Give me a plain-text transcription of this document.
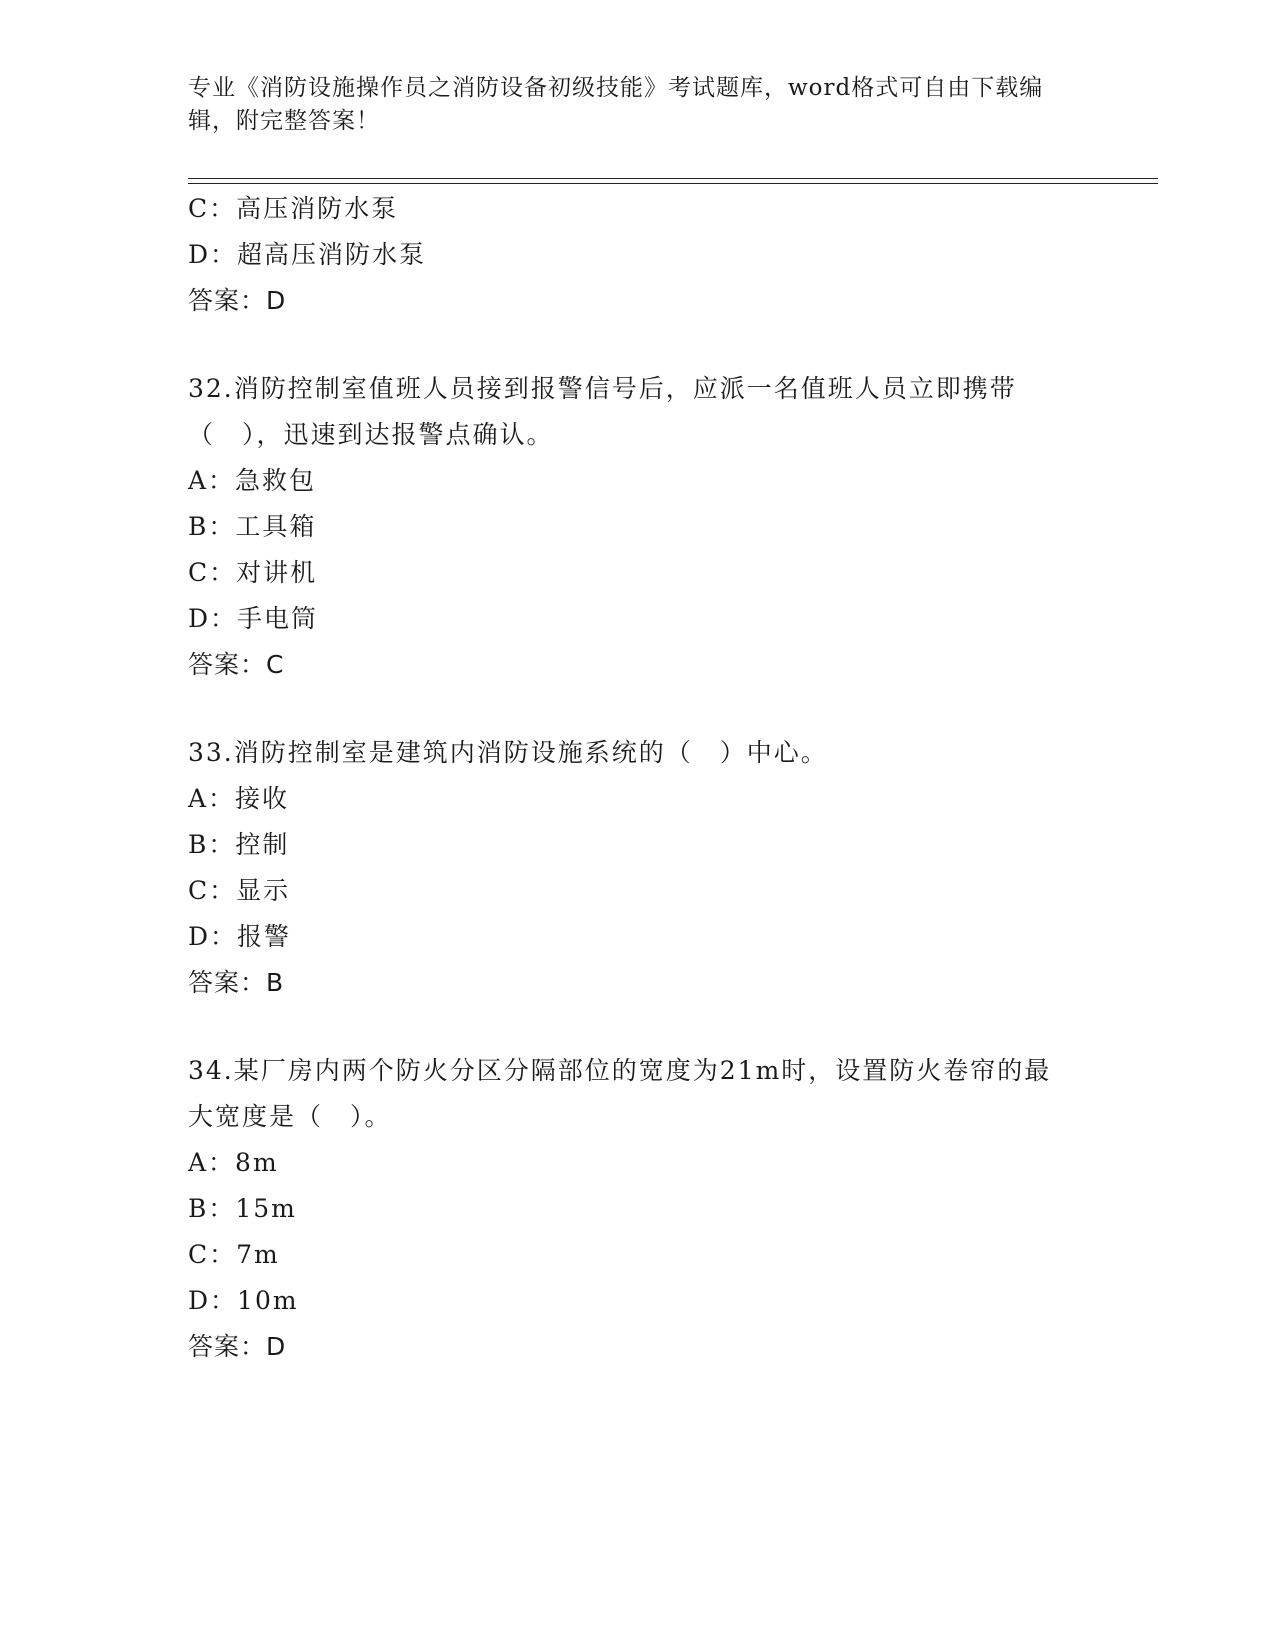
专业《消防设施操作员之消防设备初级技能》考试题库，word格式可自由下载编辑，附完整答案！

C：高压消防水泵

D：超高压消防水泵

答案：D

32.消防控制室值班人员接到报警信号后，应派一名值班人员立即携带（　），迅速到达报警点确认。

A：急救包

B：工具箱

C：对讲机

D：手电筒

答案：C

33.消防控制室是建筑内消防设施系统的（　）中心。

A：接收

B：控制

C：显示

D：报警

答案：B

34.某厂房内两个防火分区分隔部位的宽度为21m时，设置防火卷帘的最大宽度是（　）。

A：8m

B：15m

C：7m

D：10m

答案：D
